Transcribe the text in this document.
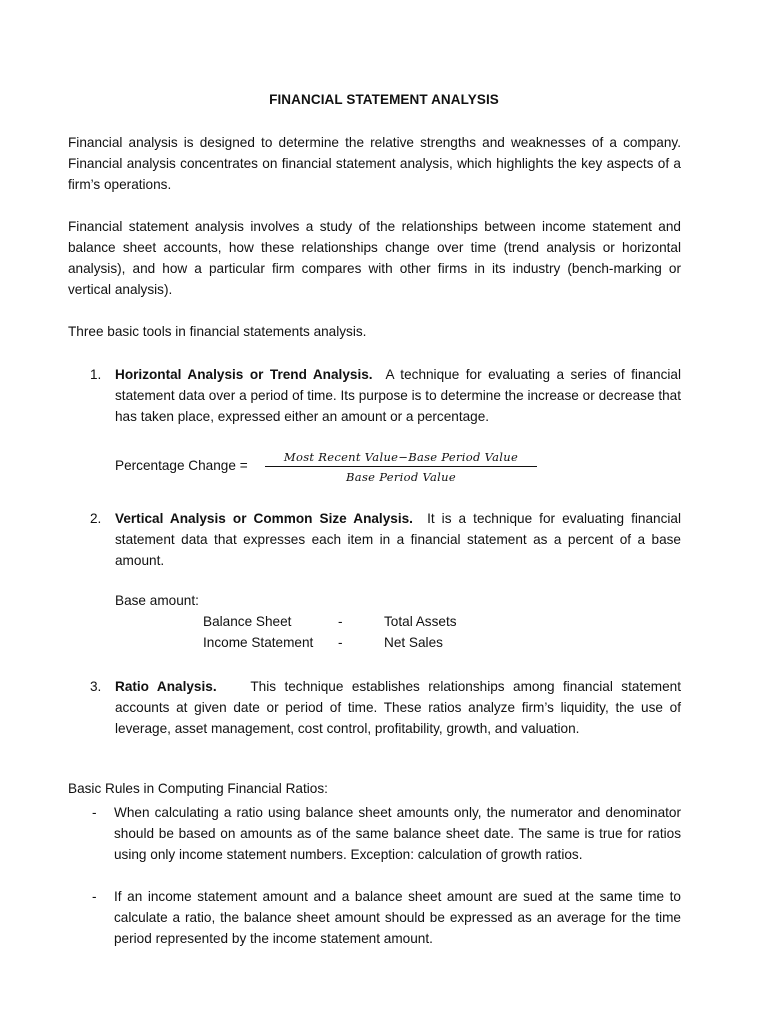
FINANCIAL STATEMENT ANALYSIS

Financial analysis is designed to determine the relative strengths and weaknesses of a company. Financial analysis concentrates on financial statement analysis, which highlights the key aspects of a firm’s operations.

Financial statement analysis involves a study of the relationships between income statement and balance sheet accounts, how these relationships change over time (trend analysis or horizontal analysis), and how a particular firm compares with other firms in its industry (bench-marking or vertical analysis).

Three basic tools in financial statements analysis.

1. Horizontal Analysis or Trend Analysis. A technique for evaluating a series of financial statement data over a period of time. Its purpose is to determine the increase or decrease that has taken place, expressed either an amount or a percentage.
Percentage Change =
Most Recent Value−Base Period Value
Base Period Value
2. Vertical Analysis or Common Size Analysis. It is a technique for evaluating financial statement data that expresses each item in a financial statement as a percent of a base amount.
Base amount:
Balance Sheet	-	Total Assets
Income Statement -	Net Sales
3. Ratio Analysis. This technique establishes relationships among financial statement accounts at given date or period of time. These ratios analyze firm’s liquidity, the use of leverage, asset management, cost control, profitability, growth, and valuation.
Basic Rules in Computing Financial Ratios:
- When calculating a ratio using balance sheet amounts only, the numerator and denominator should be based on amounts as of the same balance sheet date. The same is true for ratios using only income statement numbers. Exception: calculation of growth ratios.
- If an income statement amount and a balance sheet amount are sued at the same time to calculate a ratio, the balance sheet amount should be expressed as an average for the time period represented by the income statement amount.
